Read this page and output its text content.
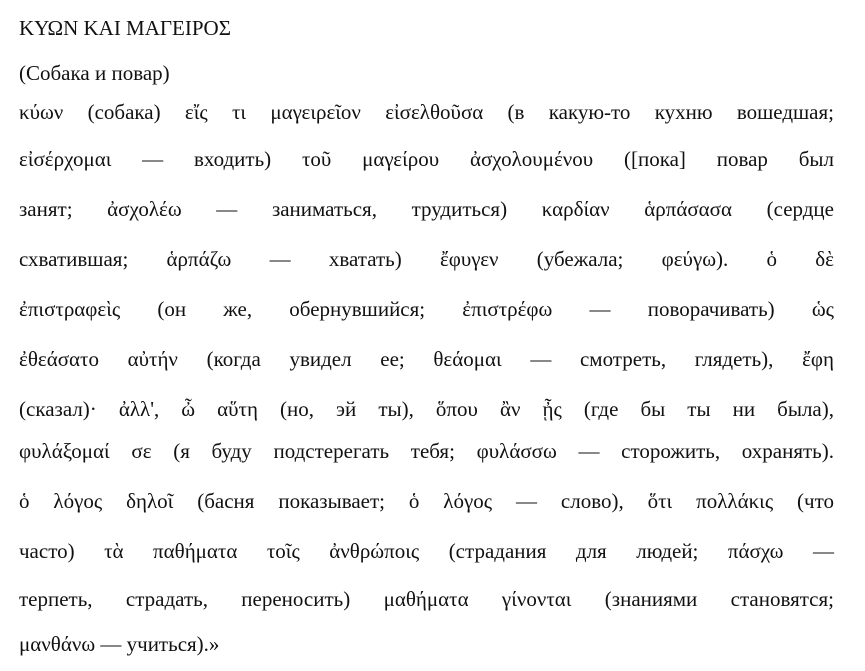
ΚΥΩΝ ΚΑΙ ΜΑΓΕΙΡΟΣ
(Собака и повар)
κύων (собака) εἴς τι μαγειρεῖον εἰσελθοῦσα (в какую-то кухню вошедшая;
εἰσέρχομαι — входить) τοῦ μαγείρου ἀσχολουμένου ([пока] повар был
занят; ἀσχολέω — заниматься, трудиться) καρδίαν ἁρπάσασα (сердце
схватившая; ἁρπάζω — хватать) ἔφυγεν (убежала; φεύγω). ὁ δὲ
ἐπιστραφεὶς (он же, обернувшийся; ἐπιστρέφω — поворачивать) ὡς
ἐθεάσατο αὐτήν (когда увидел ее; θεάομαι — смотреть, глядеть), ἔφη
(сказал)· ἀλλ', ὦ αὕτη (но, эй ты), ὅπου ἂν ᾖς (где бы ты ни была),
φυλάξομαί σε (я буду подстерегать тебя; φυλάσσω — сторожить, охранять).
ὁ λόγος δηλοῖ (басня показывает; ὁ λόγος — слово), ὅτι πολλάκις (что
часто) τὰ παθήματα τοῖς ἀνθρώποις (страдания для людей; πάσχω —
терпеть, страдать, переносить) μαθήματα γίνονται (знаниями становятся;
μανθάνω — учиться).»
